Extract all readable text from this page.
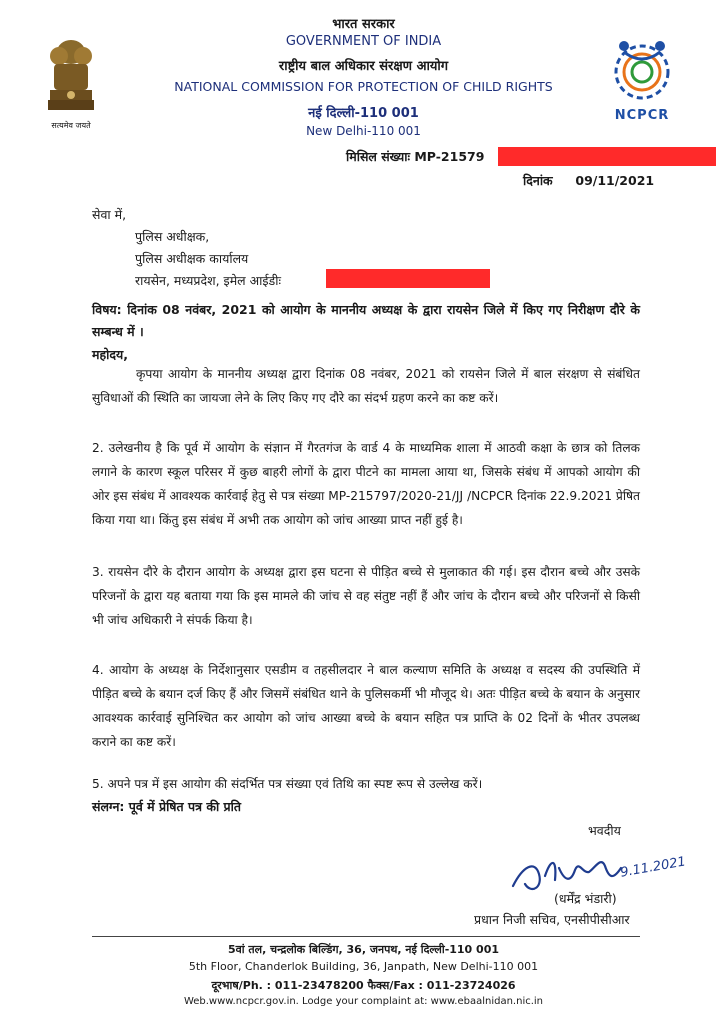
सत्यमेव जयते
NCPCR
भारत सरकार
GOVERNMENT OF INDIA
राष्ट्रीय बाल अधिकार संरक्षण आयोग
NATIONAL COMMISSION FOR PROTECTION OF CHILD RIGHTS
नई दिल्ली-110 001
New Delhi-110 001
मिसिल संख्याः MP-21579
दिनांक 09/11/2021
सेवा में,
पुलिस अधीक्षक,
पुलिस अधीक्षक कार्यालय
रायसेन, मध्यप्रदेश, इमेल आईडीः
विषय: दिनांक 08 नवंबर, 2021 को आयोग के माननीय अध्यक्ष के द्वारा रायसेन जिले में किए गए निरीक्षण दौरे के सम्बन्ध में ।
महोदय,
कृपया आयोग के माननीय अध्यक्ष द्वारा दिनांक 08 नवंबर, 2021 को रायसेन जिले में बाल संरक्षण से संबंधित सुविधाओं की स्थिति का जायजा लेने के लिए किए गए दौरे का संदर्भ ग्रहण करने का कष्ट करें।
2. उलेखनीय है कि पूर्व में आयोग के संज्ञान में गैरतगंज के वार्ड 4 के माध्यमिक शाला में आठवी कक्षा के छात्र को तिलक लगाने के कारण स्कूल परिसर में कुछ बाहरी लोगों के द्वारा पीटने का मामला आया था, जिसके संबंध में आपको आयोग की ओर इस संबंध में आवश्यक कार्रवाई हेतु से पत्र संख्या MP-215797/2020-21/JJ /NCPCR दिनांक 22.9.2021 प्रेषित किया गया था। किंतु इस संबंध में अभी तक आयोग को जांच आख्या प्राप्त नहीं हुई है।
3. रायसेन दौरे के दौरान आयोग के अध्यक्ष द्वारा इस घटना से पीड़ित बच्चे से मुलाकात की गई। इस दौरान बच्चे और उसके परिजनों के द्वारा यह बताया गया कि इस मामले की जांच से वह संतुष्ट नहीं हैं और जांच के दौरान बच्चे और परिजनों से किसी भी जांच अधिकारी ने संपर्क किया है।
4. आयोग के अध्यक्ष के निर्देशानुसार एसडीम व तहसीलदार ने बाल कल्याण समिति के अध्यक्ष व सदस्य की उपस्थिति में पीड़ित बच्चे के बयान दर्ज किए हैं और जिसमें संबंधित थाने के पुलिसकर्मी भी मौजूद थे। अतः पीड़ित बच्चे के बयान के अनुसार आवश्यक कार्रवाई सुनिश्चित कर आयोग को जांच आख्या बच्चे के बयान सहित पत्र प्राप्ति के 02 दिनों के भीतर उपलब्ध कराने का कष्ट करें।
5. अपने पत्र में इस आयोग की संदर्भित पत्र संख्या एवं तिथि का स्पष्ट रूप से उल्लेख करें।
संलग्न: पूर्व में प्रेषित पत्र की प्रति
भवदीय
9.11.2021
(धर्मेंद्र भंडारी)
प्रधान निजी सचिव, एनसीपीसीआर
5वां तल, चन्द्रलोक बिल्डिंग, 36, जनपथ, नई दिल्ली-110 001
5th Floor, Chanderlok Building, 36, Janpath, New Delhi-110 001
दूरभाष/Ph. : 011-23478200 फैक्स/Fax : 011-23724026
Web.www.ncpcr.gov.in. Lodge your complaint at: www.ebaalnidan.nic.in
